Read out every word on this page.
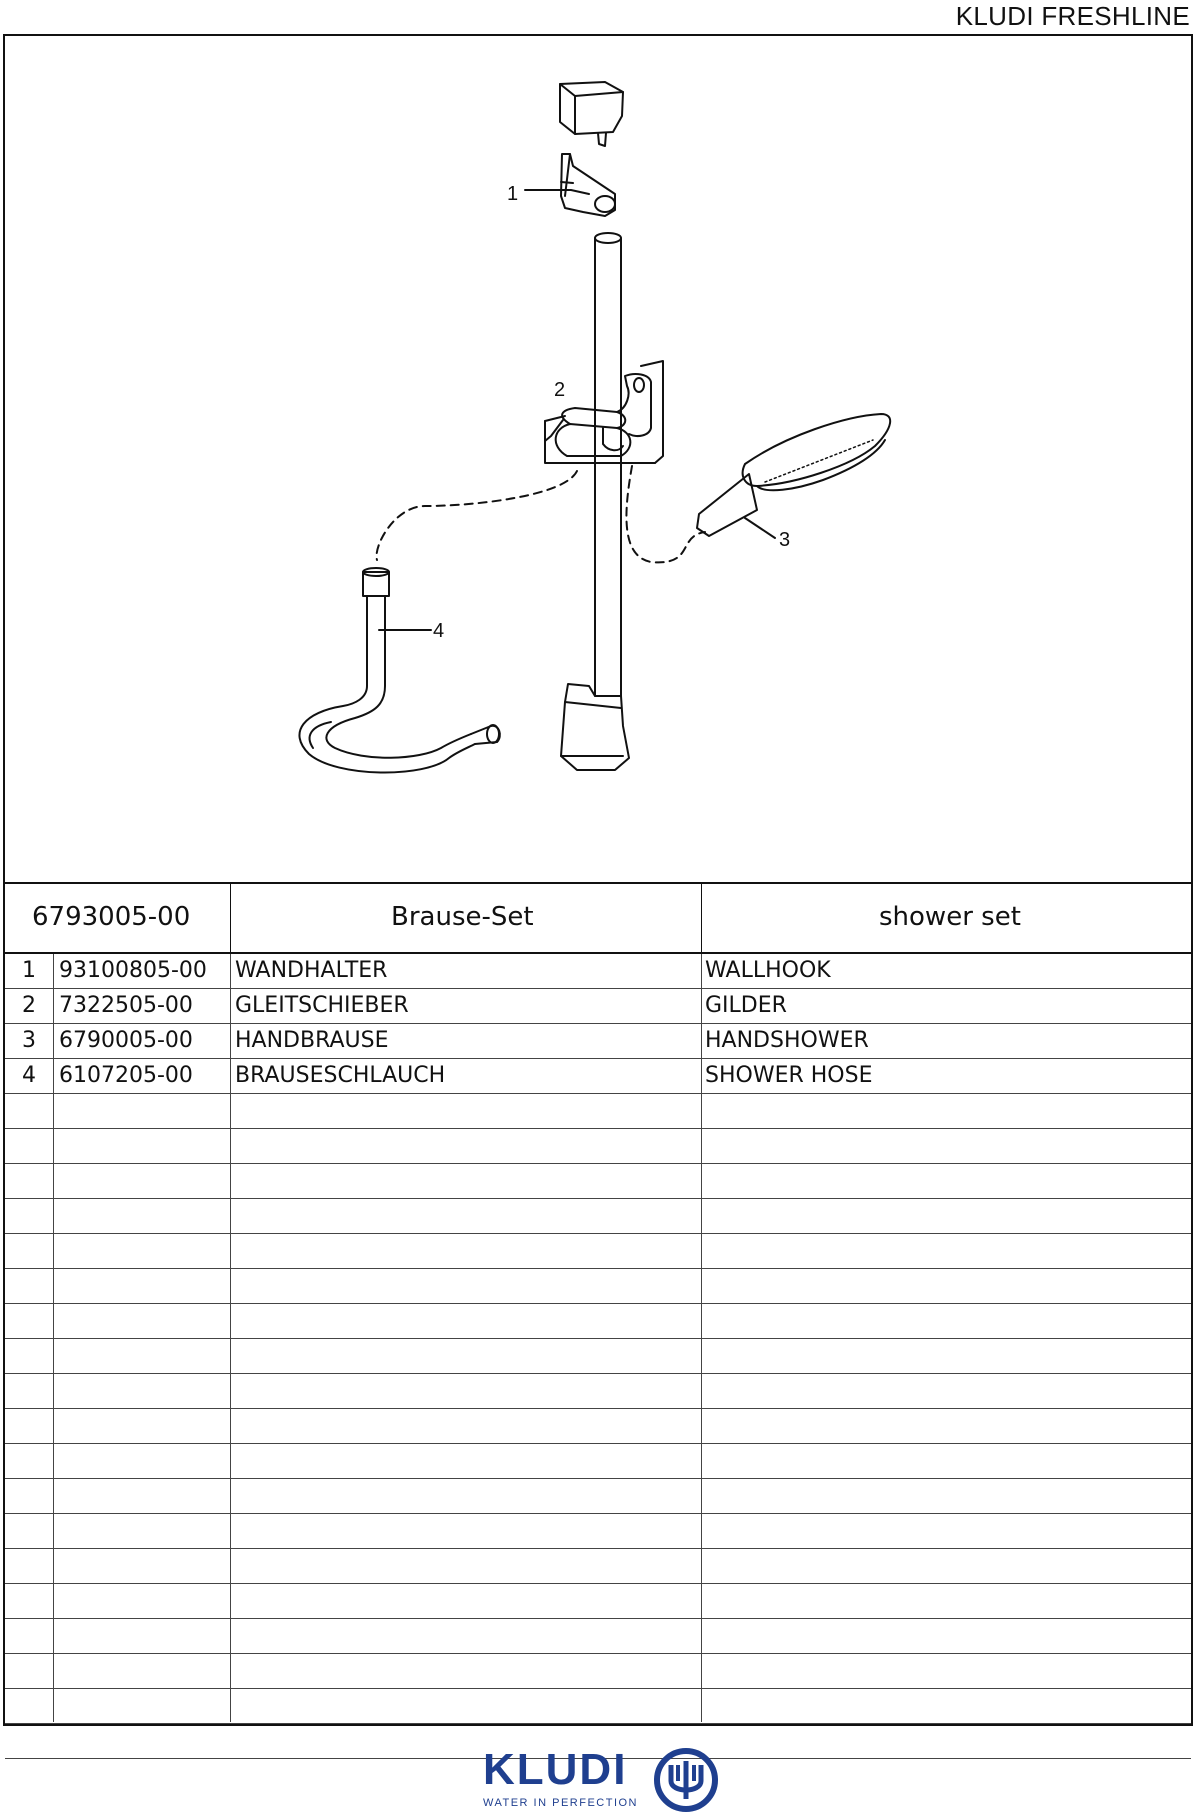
KLUDI FRESHLINE
1
2
3
4
6793005-00	Brause-Set	shower set
1	93100805-00 WANDHALTER	WALLHOOK
2	7322505-00 GLEITSCHIEBER	GILDER
3	6790005-00 HANDBRAUSE	HANDSHOWER
4	6107205-00 BRAUSESCHLAUCH	SHOWER HOSE
KLUDI
WATER IN PERFECTION
